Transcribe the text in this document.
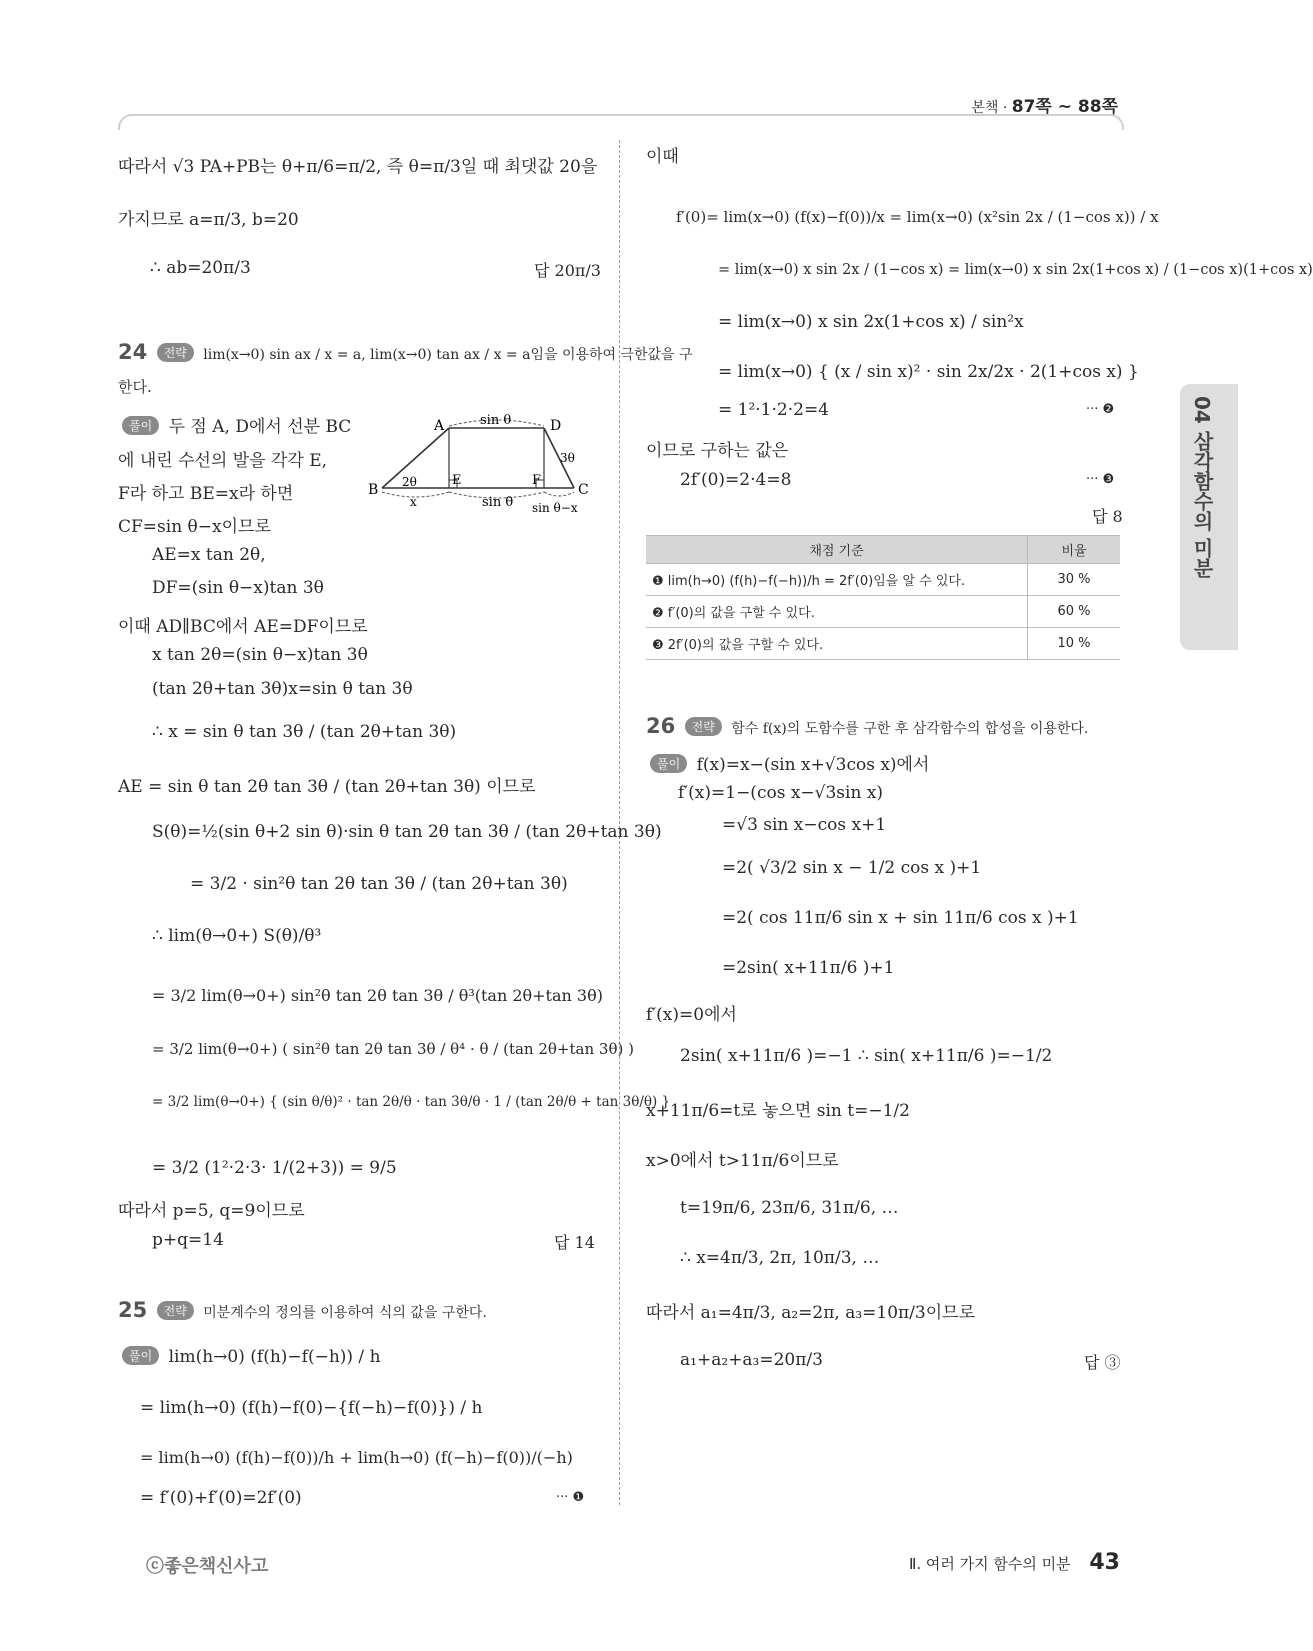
본책 · 87쪽 ~ 88쪽
04 삼각함수의 미분
따라서 √3 PA+PB는 θ+π/6=π/2, 즉 θ=π/3일 때 최댓값 20을
가지므로 a=π/3, b=20
∴ ab=20π/3	답 20π/3
24 전략 lim(x→0) sin ax / x = a, lim(x→0) tan ax / x = a임을 이용하여 극한값을 구
한다.
풀이 두 점 A, D에서 선분 BC
에 내린 수선의 발을 각각 E,
F라 하고 BE=x라 하면
CF=sin θ−x이므로
AE=x tan 2θ,
DF=(sin θ−x)tan 3θ
이때 AD∥BC에서 AE=DF이므로
x tan 2θ=(sin θ−x)tan 3θ
(tan 2θ+tan 3θ)x=sin θ tan 3θ
∴ x = sin θ tan 3θ / (tan 2θ+tan 3θ)
AE = sin θ tan 2θ tan 3θ / (tan 2θ+tan 3θ) 이므로
S(θ)=½(sin θ+2 sin θ)·sin θ tan 2θ tan 3θ / (tan 2θ+tan 3θ)
= 3/2 · sin²θ tan 2θ tan 3θ / (tan 2θ+tan 3θ)
∴ lim(θ→0+) S(θ)/θ³
= 3/2 lim(θ→0+) sin²θ tan 2θ tan 3θ / θ³(tan 2θ+tan 3θ)
= 3/2 lim(θ→0+) ( sin²θ tan 2θ tan 3θ / θ⁴ · θ / (tan 2θ+tan 3θ) )
= 3/2 lim(θ→0+) { (sin θ/θ)² · tan 2θ/θ · tan 3θ/θ · 1 / (tan 2θ/θ + tan 3θ/θ) }
= 3/2 (1²·2·3· 1/(2+3)) = 9/5
따라서 p=5, q=9이므로
p+q=14	답 14
A	D
B	C
E	F
sin θ
sin θ
2θ
3θ
x	sin θ−x
25 전략 미분계수의 정의를 이용하여 식의 값을 구한다.
풀이 lim(h→0) (f(h)−f(−h)) / h
= lim(h→0) (f(h)−f(0)−{f(−h)−f(0)}) / h
= lim(h→0) (f(h)−f(0))/h + lim(h→0) (f(−h)−f(0))/(−h)
= f′(0)+f′(0)=2f′(0)	··· ❶
이때
f′(0)= lim(x→0) (f(x)−f(0))/x = lim(x→0) (x²sin 2x / (1−cos x)) / x
= lim(x→0) x sin 2x / (1−cos x) = lim(x→0) x sin 2x(1+cos x) / (1−cos x)(1+cos x)
= lim(x→0) x sin 2x(1+cos x) / sin²x
= lim(x→0) { (x / sin x)² · sin 2x/2x · 2(1+cos x) }
= 1²·1·2·2=4	··· ❷
이므로 구하는 값은
2f′(0)=2·4=8	··· ❸
답 8
채점 기준	비율
❶ lim(h→0) (f(h)−f(−h))/h = 2f′(0)임을 알 수 있다.	30 %
❷ f′(0)의 값을 구할 수 있다.	60 %
❸ 2f′(0)의 값을 구할 수 있다.	10 %
26 전략 함수 f(x)의 도함수를 구한 후 삼각함수의 합성을 이용한다.
풀이 f(x)=x−(sin x+√3cos x)에서
f′(x)=1−(cos x−√3sin x)
=√3 sin x−cos x+1
=2( √3/2 sin x − 1/2 cos x )+1
=2( cos 11π/6 sin x + sin 11π/6 cos x )+1
=2sin( x+11π/6 )+1
f′(x)=0에서
2sin( x+11π/6 )=−1 ∴ sin( x+11π/6 )=−1/2
x+11π/6=t로 놓으면 sin t=−1/2
x>0에서 t>11π/6이므로
t=19π/6, 23π/6, 31π/6, …
∴ x=4π/3, 2π, 10π/3, …
따라서 a₁=4π/3, a₂=2π, a₃=10π/3이므로
a₁+a₂+a₃=20π/3	답 ③
ⓒ좋은책신사고	Ⅱ. 여러 가지 함수의 미분 43
